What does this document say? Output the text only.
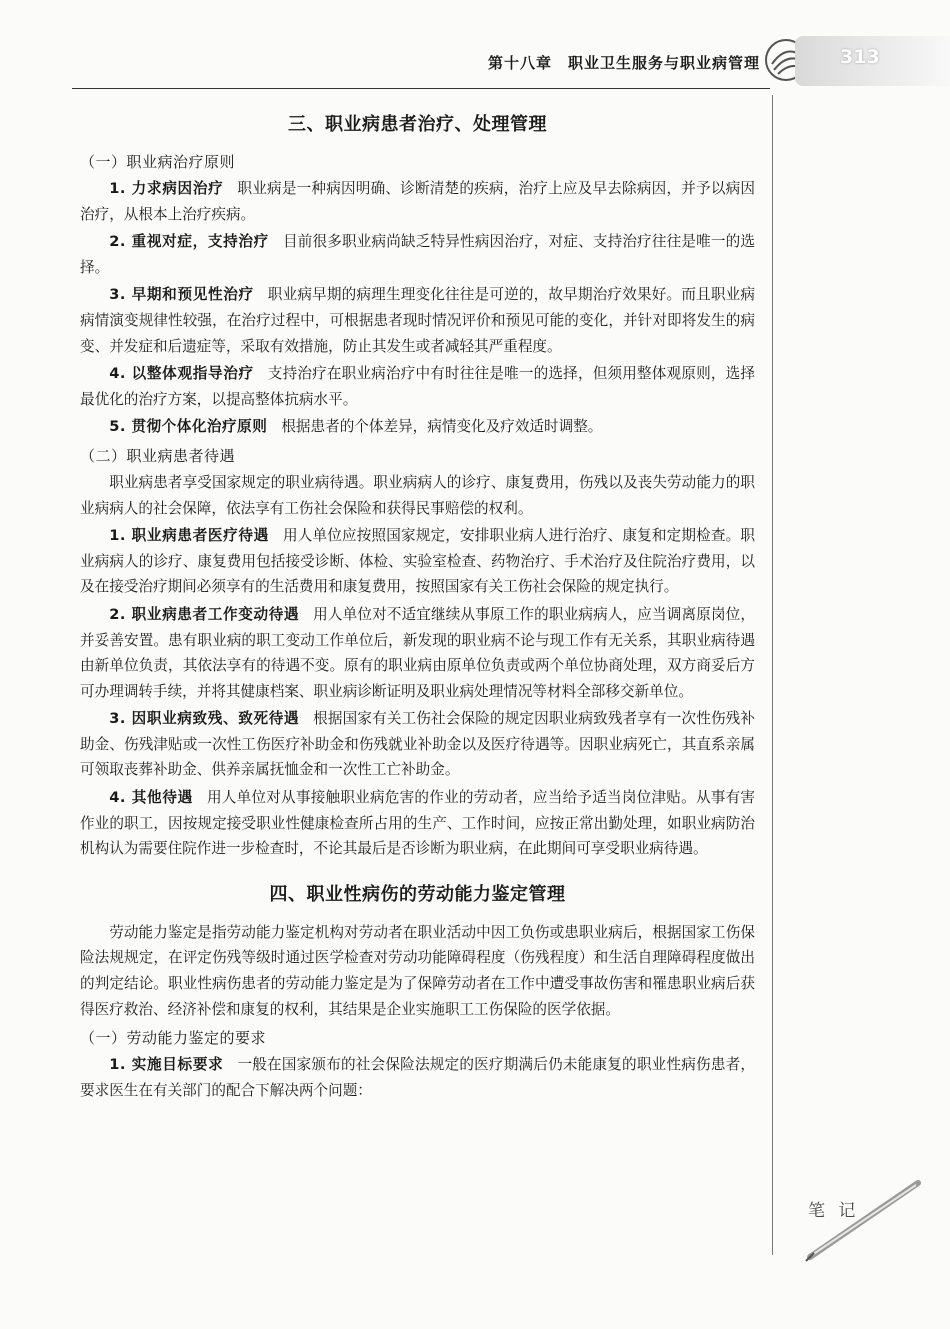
第十八章　职业卫生服务与职业病管理	313
三、职业病患者治疗、处理管理
（一）职业病治疗原则

1. 力求病因治疗 职业病是一种病因明确、诊断清楚的疾病，治疗上应及早去除病因，并予以病因治疗，从根本上治疗疾病。

2. 重视对症，支持治疗 目前很多职业病尚缺乏特异性病因治疗，对症、支持治疗往往是唯一的选择。

3. 早期和预见性治疗 职业病早期的病理生理变化往往是可逆的，故早期治疗效果好。而且职业病病情演变规律性较强，在治疗过程中，可根据患者现时情况评价和预见可能的变化，并针对即将发生的病变、并发症和后遗症等，采取有效措施，防止其发生或者减轻其严重程度。

4. 以整体观指导治疗 支持治疗在职业病治疗中有时往往是唯一的选择，但须用整体观原则，选择最优化的治疗方案，以提高整体抗病水平。

5. 贯彻个体化治疗原则 根据患者的个体差异，病情变化及疗效适时调整。

（二）职业病患者待遇

职业病患者享受国家规定的职业病待遇。职业病病人的诊疗、康复费用，伤残以及丧失劳动能力的职业病病人的社会保障，依法享有工伤社会保险和获得民事赔偿的权利。

1. 职业病患者医疗待遇 用人单位应按照国家规定，安排职业病人进行治疗、康复和定期检查。职业病病人的诊疗、康复费用包括接受诊断、体检、实验室检查、药物治疗、手术治疗及住院治疗费用，以及在接受治疗期间必须享有的生活费用和康复费用，按照国家有关工伤社会保险的规定执行。

2. 职业病患者工作变动待遇 用人单位对不适宜继续从事原工作的职业病病人，应当调离原岗位，并妥善安置。患有职业病的职工变动工作单位后，新发现的职业病不论与现工作有无关系，其职业病待遇由新单位负责，其依法享有的待遇不变。原有的职业病由原单位负责或两个单位协商处理，双方商妥后方可办理调转手续，并将其健康档案、职业病诊断证明及职业病处理情况等材料全部移交新单位。

3. 因职业病致残、致死待遇 根据国家有关工伤社会保险的规定因职业病致残者享有一次性伤残补助金、伤残津贴或一次性工伤医疗补助金和伤残就业补助金以及医疗待遇等。因职业病死亡，其直系亲属可领取丧葬补助金、供养亲属抚恤金和一次性工亡补助金。

4. 其他待遇 用人单位对从事接触职业病危害的作业的劳动者，应当给予适当岗位津贴。从事有害作业的职工，因按规定接受职业性健康检查所占用的生产、工作时间，应按正常出勤处理，如职业病防治机构认为需要住院作进一步检查时，不论其最后是否诊断为职业病，在此期间可享受职业病待遇。

四、职业性病伤的劳动能力鉴定管理

劳动能力鉴定是指劳动能力鉴定机构对劳动者在职业活动中因工负伤或患职业病后，根据国家工伤保险法规规定，在评定伤残等级时通过医学检查对劳动功能障碍程度（伤残程度）和生活自理障碍程度做出的判定结论。职业性病伤患者的劳动能力鉴定是为了保障劳动者在工作中遭受事故伤害和罹患职业病后获得医疗救治、经济补偿和康复的权利，其结果是企业实施职工工伤保险的医学依据。

（一）劳动能力鉴定的要求

1. 实施目标要求 一般在国家颁布的社会保险法规定的医疗期满后仍未能康复的职业性病伤患者，要求医生在有关部门的配合下解决两个问题：

笔 记
